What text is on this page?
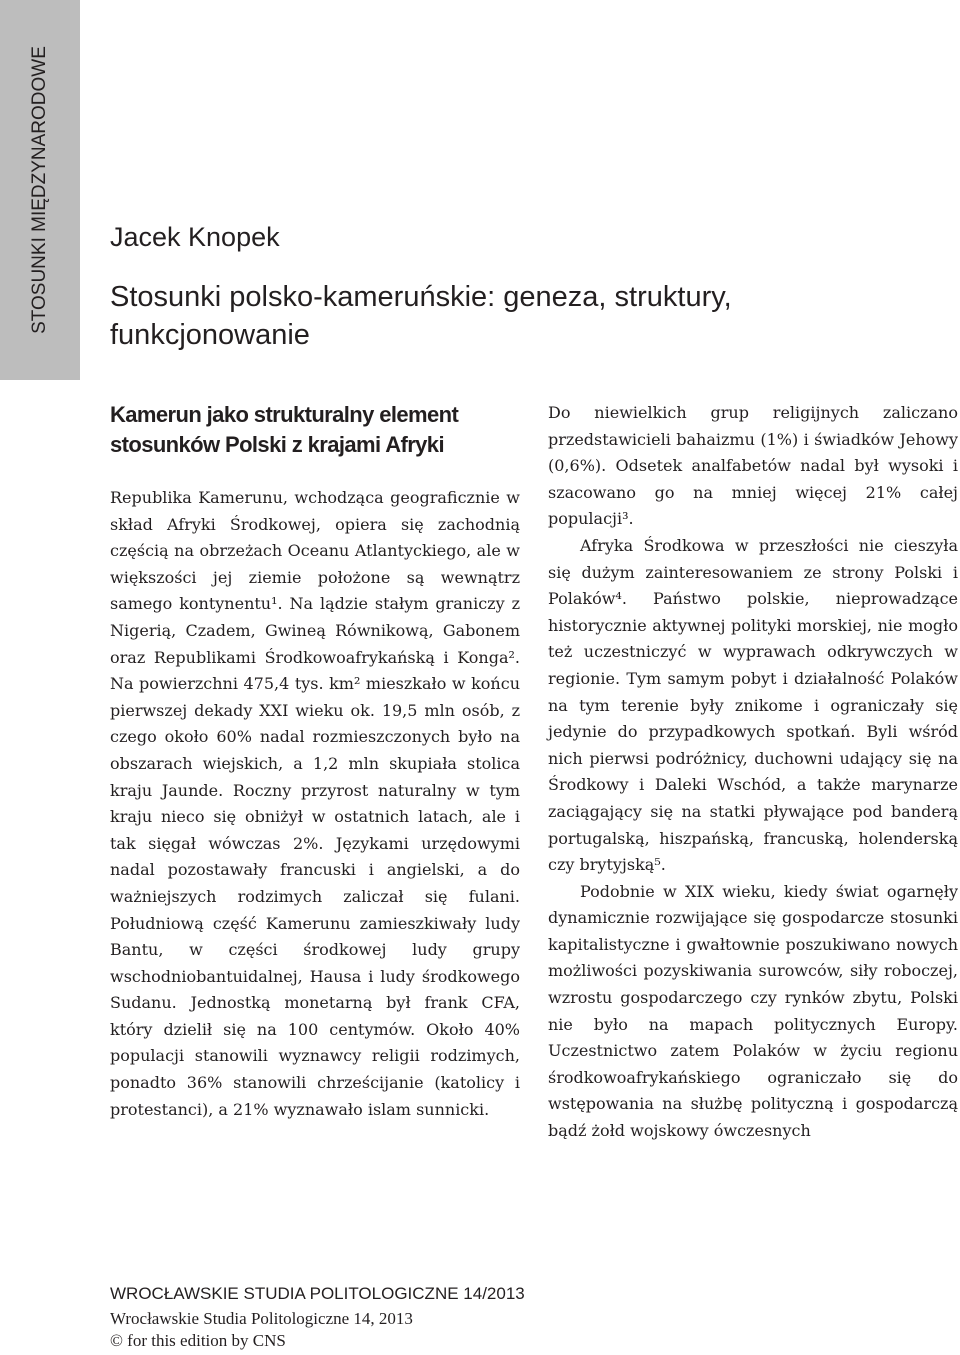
STOSUNKI MIĘDZYNARODOWE Jacek Knopek
Stosunki polsko-kameruńskie: geneza, struktury, funkcjonowanie
Kamerun jako strukturalny element stosunków Polski z krajami Afryki

Republika Kamerunu, wchodząca geograficznie w skład Afryki Środkowej, opiera się zachodnią częścią na obrzeżach Oceanu Atlantyckiego, ale w większości jej ziemie położone są wewnątrz samego kontynentu¹. Na lądzie stałym graniczy z Nigerią, Czadem, Gwineą Równikową, Gabonem oraz Republikami Środkowoafrykańską i Konga². Na powierzchni 475,4 tys. km² mieszkało w końcu pierwszej dekady XXI wieku ok. 19,5 mln osób, z czego około 60% nadal rozmieszczonych było na obszarach wiejskich, a 1,2 mln skupiała stolica kraju Jaunde. Roczny przyrost naturalny w tym kraju nieco się obniżył w ostatnich latach, ale i tak sięgał wówczas 2%. Językami urzędowymi nadal pozostawały francuski i angielski, a do ważniejszych rodzimych zaliczał się fulani. Południową część Kamerunu zamieszkiwały ludy Bantu, w części środkowej ludy grupy wschodniobantuidalnej, Hausa i ludy środkowego Sudanu. Jednostką monetarną był frank CFA, który dzielił się na 100 centymów. Około 40% populacji stanowili wyznawcy religii rodzimych, ponadto 36% stanowili chrześcijanie (katolicy i protestanci), a 21% wyznawało islam sunnicki.

Do niewielkich grup religijnych zaliczano przedstawicieli bahaizmu (1%) i świadków Jehowy (0,6%). Odsetek analfabetów nadal był wysoki i szacowano go na mniej więcej 21% całej populacji³.

Afryka Środkowa w przeszłości nie cieszyła się dużym zainteresowaniem ze strony Polski i Polaków⁴. Państwo polskie, nieprowadzące historycznie aktywnej polityki morskiej, nie mogło też uczestniczyć w wyprawach odkrywczych w regionie. Tym samym pobyt i działalność Polaków na tym terenie były znikome i ograniczały się jedynie do przypadkowych spotkań. Byli wśród nich pierwsi podróżnicy, duchowni udający się na Środkowy i Daleki Wschód, a także marynarze zaciągający się na statki pływające pod banderą portugalską, hiszpańską, francuską, holenderską czy brytyjską⁵.

Podobnie w XIX wieku, kiedy świat ogarnęły dynamicznie rozwijające się gospodarcze stosunki kapitalistyczne i gwałtownie poszukiwano nowych możliwości pozyskiwania surowców, siły roboczej, wzrostu gospodarczego czy rynków zbytu, Polski nie było na mapach politycznych Europy. Uczestnictwo zatem Polaków w życiu regionu środkowoafrykańskiego ograniczało się do wstępowania na służbę polityczną i gospodarczą bądź żołd wojskowy ówczesnych

WROCŁAWSKIE STUDIA POLITOLOGICZNE 14/2013
Wrocławskie Studia Politologiczne 14, 2013
© for this edition by CNS
